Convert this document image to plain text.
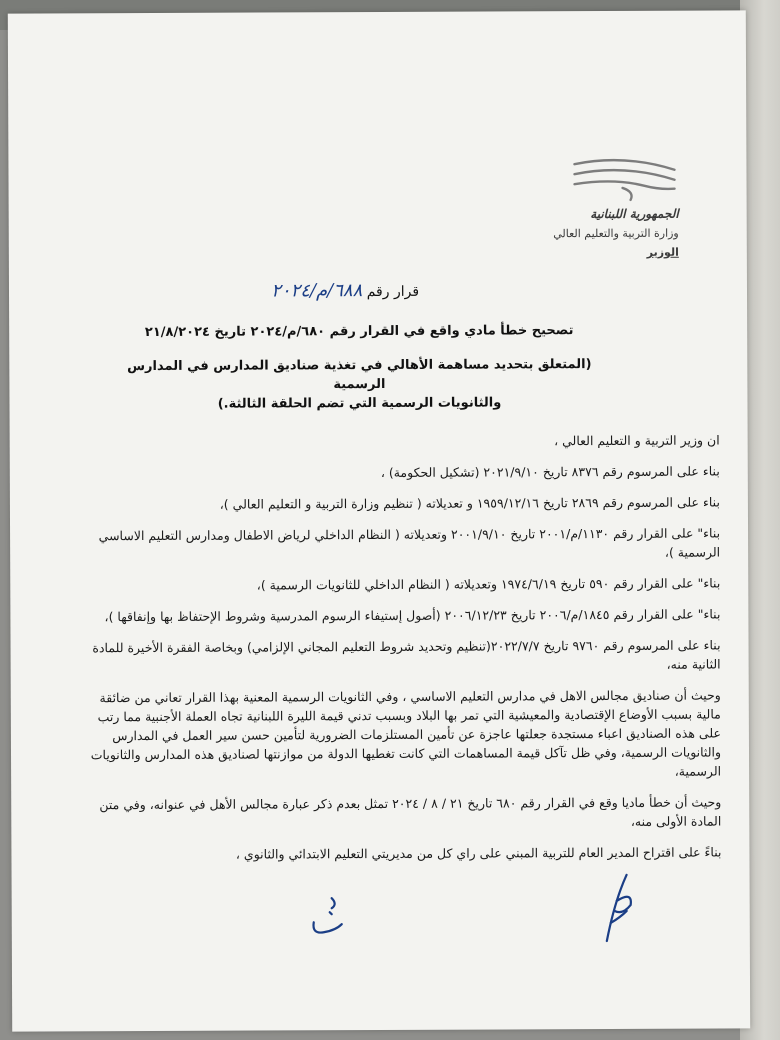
الجمهورية اللبنانية
وزارة التربية والتعليم العالي
الوزير
قرار رقم ٦٨٨/م/٢٠٢٤
تصحيح خطأ مادي واقع في القرار رقم ٦٨٠/م/٢٠٢٤ تاريخ ٢١/٨/٢٠٢٤
(المتعلق بتحديد مساهمة الأهالي في تغذية صناديق المدارس في المدارس الرسمية
والثانويات الرسمية التي تضم الحلقة الثالثة.)

ان وزير التربية و التعليم العالي ،

بناء على المرسوم رقم ٨٣٧٦ تاريخ ٢٠٢١/٩/١٠ (تشكيل الحكومة) ،

بناء على المرسوم رقم ٢٨٦٩ تاريخ ١٩٥٩/١٢/١٦ و تعديلاته ( تنظيم وزارة التربية و التعليم العالي )،

بناء" على القرار رقم ١١٣٠/م/٢٠٠١ تاريخ ٢٠٠١/٩/١٠ وتعديلاته ( النظام الداخلي لرياض الاطفال ومدارس التعليم الاساسي الرسمية )،

بناء" على القرار رقم ٥٩٠ تاريخ ١٩٧٤/٦/١٩ وتعديلاته ( النظام الداخلي للثانويات الرسمية )،

بناء" على القرار رقم ١٨٤٥/م/٢٠٠٦ تاريخ ٢٠٠٦/١٢/٢٣ (أصول إستيفاء الرسوم المدرسية وشروط الإحتفاظ بها وإنفاقها )،

بناء على المرسوم رقم ٩٧٦٠ تاريخ ٢٠٢٢/٧/٧(تنظيم وتحديد شروط التعليم المجاني الإلزامي) وبخاصة الفقرة الأخيرة للمادة الثانية منه،

وحيث أن صناديق مجالس الاهل في مدارس التعليم الاساسي ، وفي الثانويات الرسمية المعنية بهذا القرار تعاني من ضائقة مالية بسبب الأوضاع الإقتصادية والمعيشية التي تمر بها البلاد وبسبب تدني قيمة الليرة اللبنانية تجاه العملة الأجنبية مما رتب على هذه الصناديق اعباء مستجدة جعلتها عاجزة عن تأمين المستلزمات الضرورية لتأمين حسن سير العمل في المدارس والثانويات الرسمية، وفي ظل تآكل قيمة المساهمات التي كانت تغطيها الدولة من موازنتها لصناديق هذه المدارس والثانويات الرسمية،

وحيث أن خطأ ماديا وقع في القرار رقم ٦٨٠ تاريخ ٢١ / ٨ / ٢٠٢٤ تمثل بعدم ذكر عبارة مجالس الأهل في عنوانه، وفي متن المادة الأولى منه،

بناءً على اقتراح المدير العام للتربية المبني على راي كل من مديريتي التعليم الابتدائي والثانوي ،
